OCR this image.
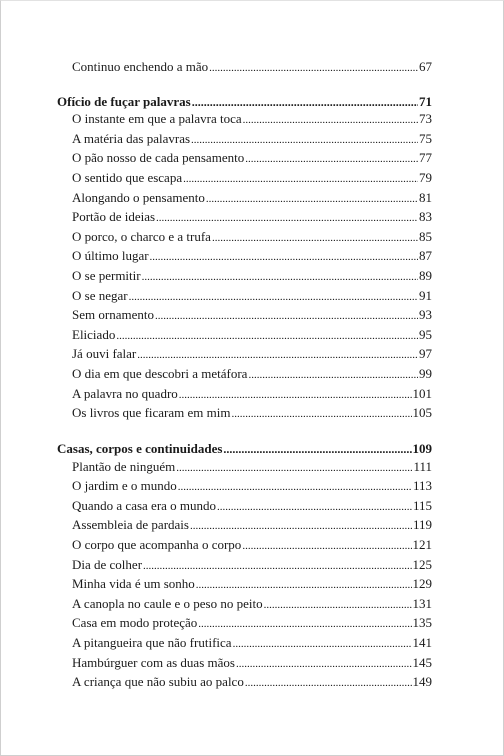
Continuo enchendo a mão .....	67
Ofício de fuçar palavras .....	71
O instante em que a palavra toca .....	73
A matéria das palavras .....	75
O pão nosso de cada pensamento .....	77
O sentido que escapa .....	79
Alongando o pensamento .....	81
Portão de ideias .....	83
O porco, o charco e a trufa .....	85
O último lugar .....	87
O se permitir .....	89
O se negar .....	91
Sem ornamento .....	93
Eliciado .....	95
Já ouvi falar .....	97
O dia em que descobri a metáfora .....	99
A palavra no quadro .....	101
Os livros que ficaram em mim .....	105
Casas, corpos e continuidades .....	109
Plantão de ninguém .....	111
O jardim e o mundo .....	113
Quando a casa era o mundo .....	115
Assembleia de pardais .....	119
O corpo que acompanha o corpo .....	121
Dia de colher .....	125
Minha vida é um sonho .....	129
A canopla no caule e o peso no peito .....	131
Casa em modo proteção .....	135
A pitangueira que não frutifica .....	141
Hambúrguer com as duas mãos .....	145
A criança que não subiu ao palco .....	149
